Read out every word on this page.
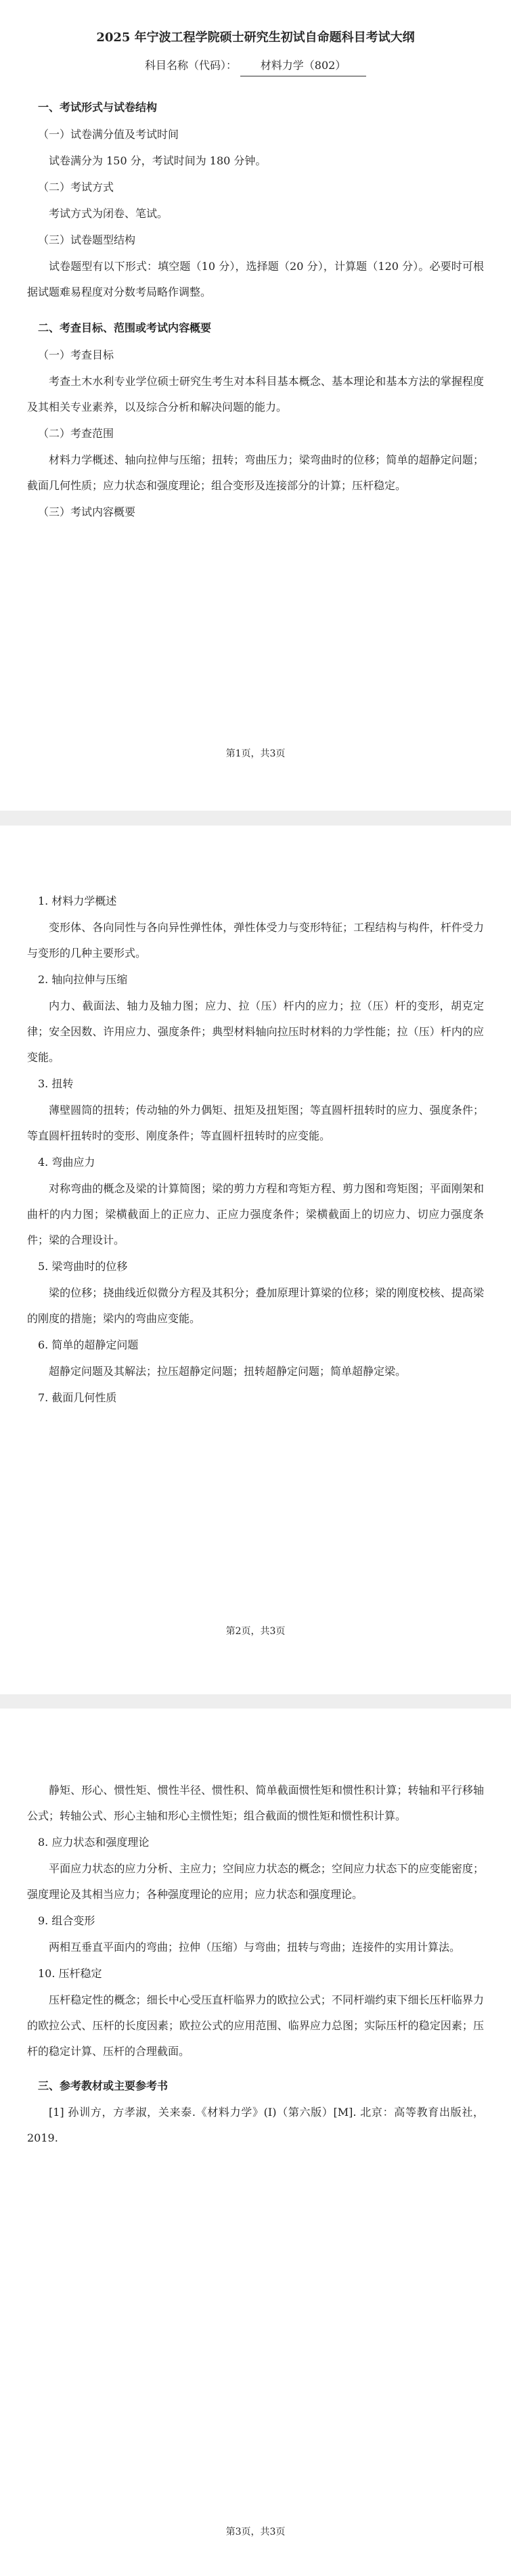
2025 年宁波工程学院硕士研究生初试自命题科目考试大纲

科目名称（代码）： 材料力学（802）

一、考试形式与试卷结构

（一）试卷满分值及考试时间

试卷满分为 150 分，考试时间为 180 分钟。

（二）考试方式

考试方式为闭卷、笔试。

（三）试卷题型结构

试卷题型有以下形式：填空题（10 分），选择题（20 分），计算题（120 分）。必要时可根据试题难易程度对分数考局略作调整。

二、考查目标、范围或考试内容概要

（一）考查目标

考查土木水利专业学位硕士研究生考生对本科目基本概念、基本理论和基本方法的掌握程度及其相关专业素养，以及综合分析和解决问题的能力。

（二）考查范围

材料力学概述、轴向拉伸与压缩；扭转；弯曲压力；梁弯曲时的位移；简单的超静定问题；截面几何性质；应力状态和强度理论；组合变形及连接部分的计算；压杆稳定。

（三）考试内容概要

第1页，共3页

1. 材料力学概述

变形体、各向同性与各向异性弹性体，弹性体受力与变形特征；工程结构与构件，杆件受力与变形的几种主要形式。

2. 轴向拉伸与压缩

内力、截面法、轴力及轴力图；应力、拉（压）杆内的应力；拉（压）杆的变形，胡克定律；安全因数、许用应力、强度条件；典型材料轴向拉压时材料的力学性能；拉（压）杆内的应变能。

3. 扭转

薄壁圆筒的扭转；传动轴的外力偶矩、扭矩及扭矩图；等直圆杆扭转时的应力、强度条件；等直圆杆扭转时的变形、刚度条件；等直圆杆扭转时的应变能。

4. 弯曲应力

对称弯曲的概念及梁的计算简图；梁的剪力方程和弯矩方程、剪力图和弯矩图；平面刚架和曲杆的内力图；梁横截面上的正应力、正应力强度条件；梁横截面上的切应力、切应力强度条件；梁的合理设计。

5. 梁弯曲时的位移

梁的位移；挠曲线近似微分方程及其积分；叠加原理计算梁的位移；梁的刚度校核、提高梁的刚度的措施；梁内的弯曲应变能。

6. 简单的超静定问题

超静定问题及其解法；拉压超静定问题；扭转超静定问题；简单超静定梁。

7. 截面几何性质

第2页，共3页

静矩、形心、惯性矩、惯性半径、惯性积、简单截面惯性矩和惯性积计算；转轴和平行移轴公式；转轴公式、形心主轴和形心主惯性矩；组合截面的惯性矩和惯性积计算。

8. 应力状态和强度理论

平面应力状态的应力分析、主应力；空间应力状态的概念；空间应力状态下的应变能密度；强度理论及其相当应力；各种强度理论的应用；应力状态和强度理论。

9. 组合变形

两相互垂直平面内的弯曲；拉伸（压缩）与弯曲；扭转与弯曲；连接件的实用计算法。

10. 压杆稳定

压杆稳定性的概念；细长中心受压直杆临界力的欧拉公式；不同杆端约束下细长压杆临界力的欧拉公式、压杆的长度因素；欧拉公式的应用范围、临界应力总图；实际压杆的稳定因素；压杆的稳定计算、压杆的合理截面。

三、参考教材或主要参考书

[1] 孙训方，方孝淑，关来泰.《材料力学》(I)（第六版）[M]. 北京：高等教育出版社，2019.

第3页，共3页
